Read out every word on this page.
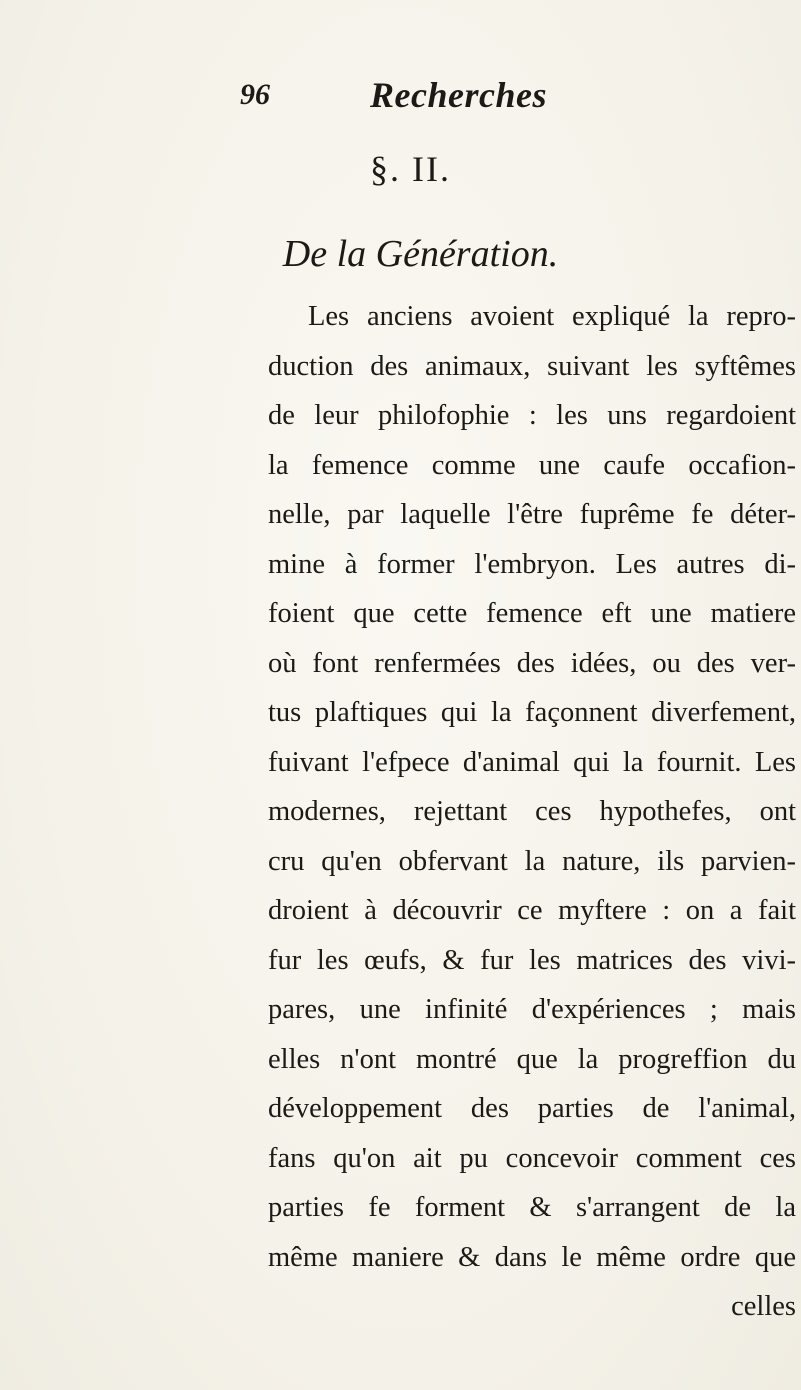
96	Recherches
§. II.
De la Génération.
Les anciens avoient expliqué la repro-
duction des animaux, suivant les syftêmes
de leur philofophie : les uns regardoient
la femence comme une caufe occafion-
nelle, par laquelle l'être fuprême fe déter-
mine à former l'embryon. Les autres di-
foient que cette femence eft une matiere
où font renfermées des idées, ou des ver-
tus plaftiques qui la façonnent diverfement,
fuivant l'efpece d'animal qui la fournit. Les
modernes, rejettant ces hypothefes, ont
cru qu'en obfervant la nature, ils parvien-
droient à découvrir ce myftere : on a fait
fur les œufs, & fur les matrices des vivi-
pares, une infinité d'expériences ; mais
elles n'ont montré que la progreffion du
développement des parties de l'animal,
fans qu'on ait pu concevoir comment ces
parties fe forment & s'arrangent de la
même maniere & dans le même ordre que
celles
